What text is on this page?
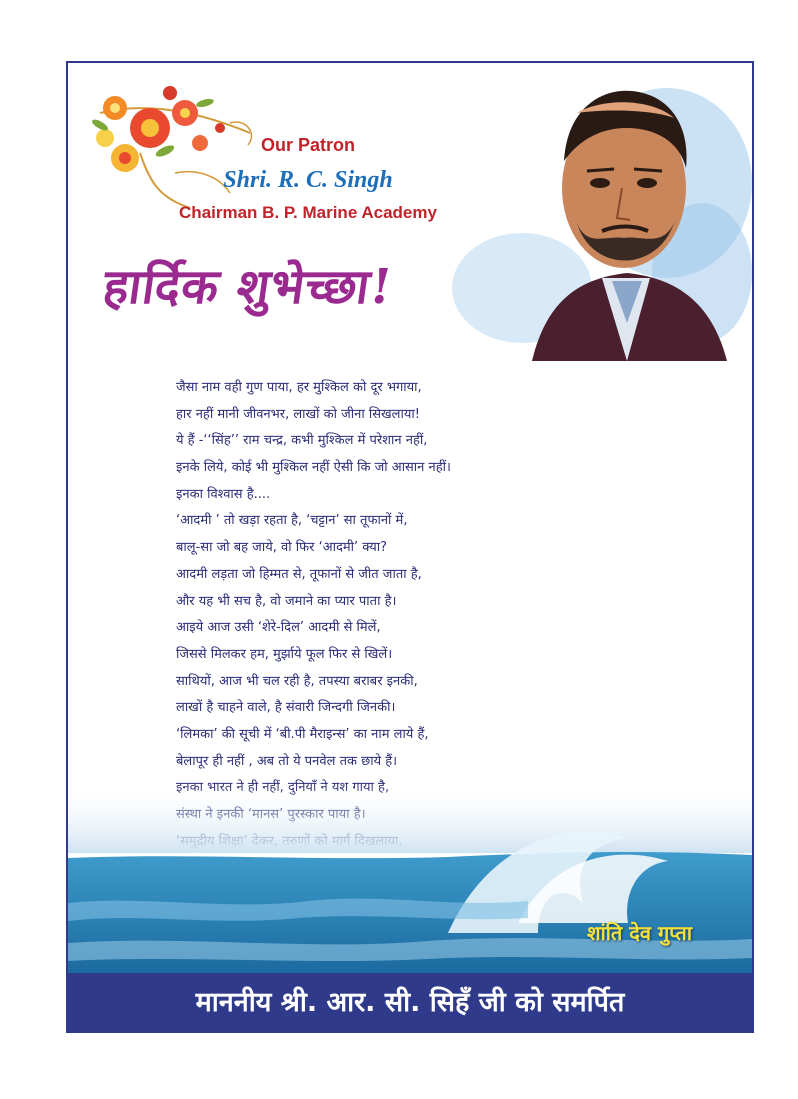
Our Patron
Shri. R. C. Singh
Chairman B. P. Marine Academy
हार्दिक शुभेच्छा!
जैसा नाम वही गुण पाया, हर मुश्किल को दूर भगाया,
हार नहीं मानी जीवनभर, लाखों को जीना सिखलाया!
ये हैं -‘‘सिंह’’ राम चन्द्र, कभी मुश्किल में परेशान नहीं,
इनके लिये, कोई भी मुश्किल नहीं ऐसी कि जो आसान नहीं।
इनका विश्वास है....
‘आदमी ’ तो खड़ा रहता है, ‘चट्टान’ सा तूफानों में,
बालू-सा जो बह जाये, वो फिर ‘आदमी’ क्या?
आदमी लड़ता जो हिम्मत से, तूफानों से जीत जाता है,
और यह भी सच है, वो जमाने का प्यार पाता है।
आइये आज उसी ‘शेरे-दिल’ आदमी से मिलें,
जिससे मिलकर हम, मुर्झाये फूल फिर से खिलें।
साथियों, आज भी चल रही है, तपस्या बराबर इनकी,
लाखों है चाहने वाले, है संवारी जिन्दगी जिनकी।
‘लिमका’ की सूची में ‘बी.पी मैराइन्स’ का नाम लाये हैं,
बेलापूर ही नहीं , अब तो ये पनवेल तक छाये हैं।
शांति देव गुप्ता
माननीय श्री. आर. सी. सिहँ जी को समर्पित
